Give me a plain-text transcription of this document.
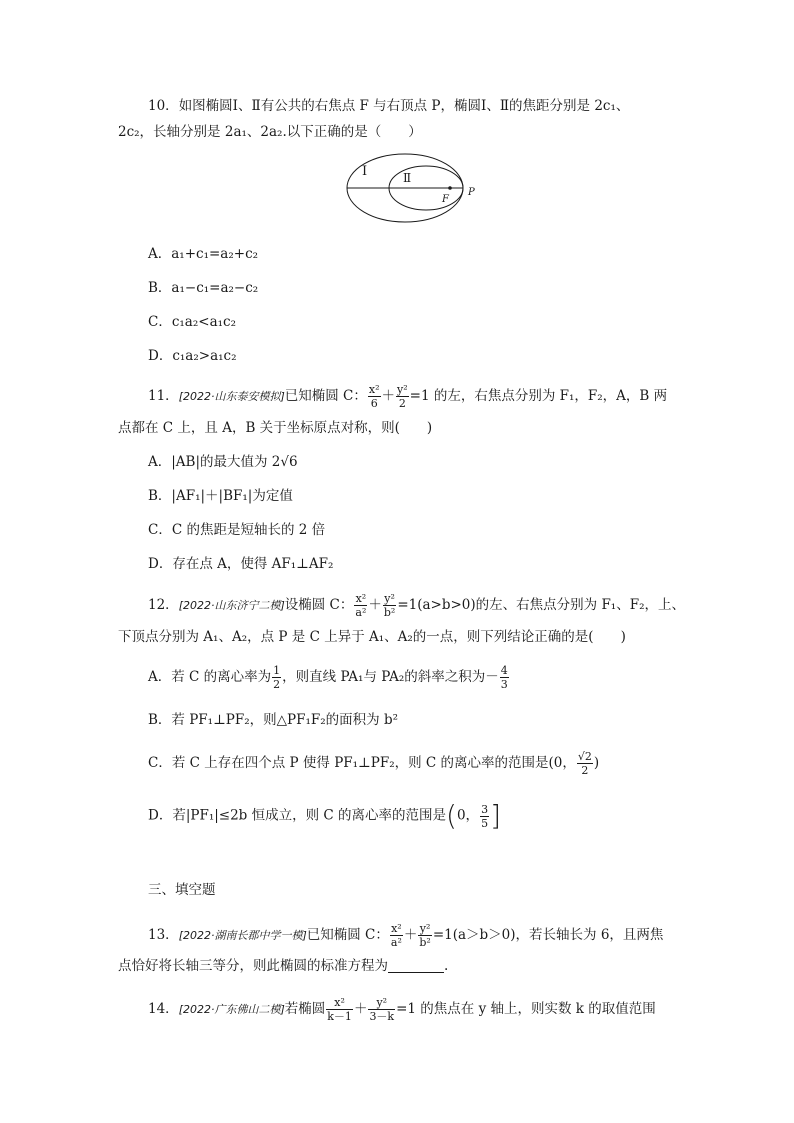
10．如图椭圆Ⅰ、Ⅱ有公共的右焦点 F 与右顶点 P，椭圆Ⅰ、Ⅱ的焦距分别是 2c₁、
2c₂，长轴分别是 2a₁、2a₂.以下正确的是（　　）
Ⅰ	Ⅱ
F
P
A．a₁+c₁=a₂+c₂
B．a₁−c₁=a₂−c₂
C．c₁a₂<a₁c₂
D．c₁a₂>a₁c₂
11．[2022·山东泰安模拟]已知椭圆 C： $\frac{\text{x²}}{6} + \frac{\text{y²}}{2} =1$ 的左，右焦点分别为 F₁，F₂，A，B 两
点都在 C 上，且 A，B 关于坐标原点对称，则(　　)
A．|AB|的最大值为 2√6
B．|AF₁|＋|BF₁|为定值
C．C 的焦距是短轴长的 2 倍
D．存在点 A，使得 AF₁⊥AF₂
12．[2022·山东济宁二模]设椭圆 C： $\frac{\text{x²}}{\text{a²}} + \frac{\text{y²}}{\text{b²}} =1(a>b>0)$的左、右焦点分别为 F₁、F₂，上、
下顶点分别为 A₁、A₂，点 P 是 C 上异于 A₁、A₂的一点，则下列结论正确的是(　　)
A．若 C 的离心率为 $\frac{1}{2}$ ，则直线 PA₁与 PA₂的斜率之积为－ $\frac{4}{3}$
B．若 PF₁⊥PF₂，则△PF₁F₂的面积为 b²
C．若 C 上存在四个点 P 使得 PF₁⊥PF₂，则 C 的离心率的范围是(0， $\frac{√2}{2}$ )
D．若|PF₁|≤2b 恒成立，则 C 的离心率的范围是(0， $\frac{3}{5}$ ]
三、填空题
13．[2022·湖南长郡中学一模]已知椭圆 C： $\frac{\text{x²}}{\text{a²}} + \frac{\text{y²}}{\text{b²}} =1(a>b>0)$，若长轴长为 6，且两焦
点恰好将长轴三等分，则此椭圆的标准方程为	.
14．[2022·广东佛山二模]若椭圆 $\frac{\text{x²}}{k-1} + \frac{\text{y²}}{3-k} =1$ 的焦点在 y 轴上，则实数 k 的取值范围
